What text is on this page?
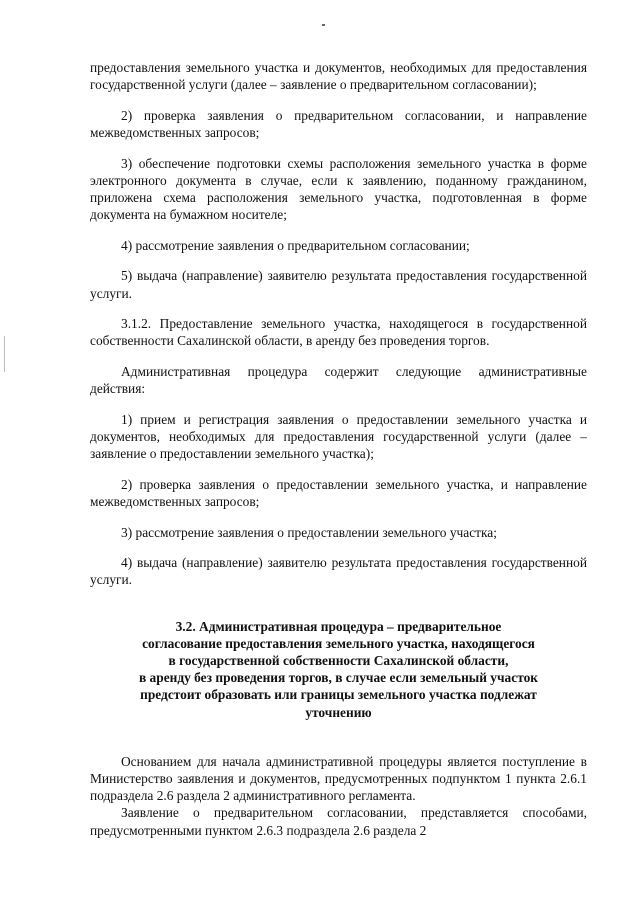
предоставления земельного участка и документов, необходимых для предоставления государственной услуги (далее – заявление о предварительном согласовании);

2) проверка заявления о предварительном согласовании, и направление межведомственных запросов;

3) обеспечение подготовки схемы расположения земельного участка в форме электронного документа в случае, если к заявлению, поданному гражданином, приложена схема расположения земельного участка, подготовленная в форме документа на бумажном носителе;

4) рассмотрение заявления о предварительном согласовании;

5) выдача (направление) заявителю результата предоставления государственной услуги.

3.1.2. Предоставление земельного участка, находящегося в государственной собственности Сахалинской области, в аренду без проведения торгов.

Административная процедура содержит следующие административные действия:

1) прием и регистрация заявления о предоставлении земельного участка и документов, необходимых для предоставления государственной услуги (далее – заявление о предоставлении земельного участка);

2) проверка заявления о предоставлении земельного участка, и направление межведомственных запросов;

3) рассмотрение заявления о предоставлении земельного участка;

4) выдача (направление) заявителю результата предоставления государственной услуги.

3.2. Административная процедура – предварительное
согласование предоставления земельного участка, находящегося
в государственной собственности Сахалинской области,
в аренду без проведения торгов, в случае если земельный участок
предстоит образовать или границы земельного участка подлежат
уточнению

Основанием для начала административной процедуры является поступление в Министерство заявления и документов, предусмотренных подпунктом 1 пункта 2.6.1 подраздела 2.6 раздела 2 административного регламента.

Заявление о предварительном согласовании, представляется способами, предусмотренными пунктом 2.6.3 подраздела 2.6 раздела 2
